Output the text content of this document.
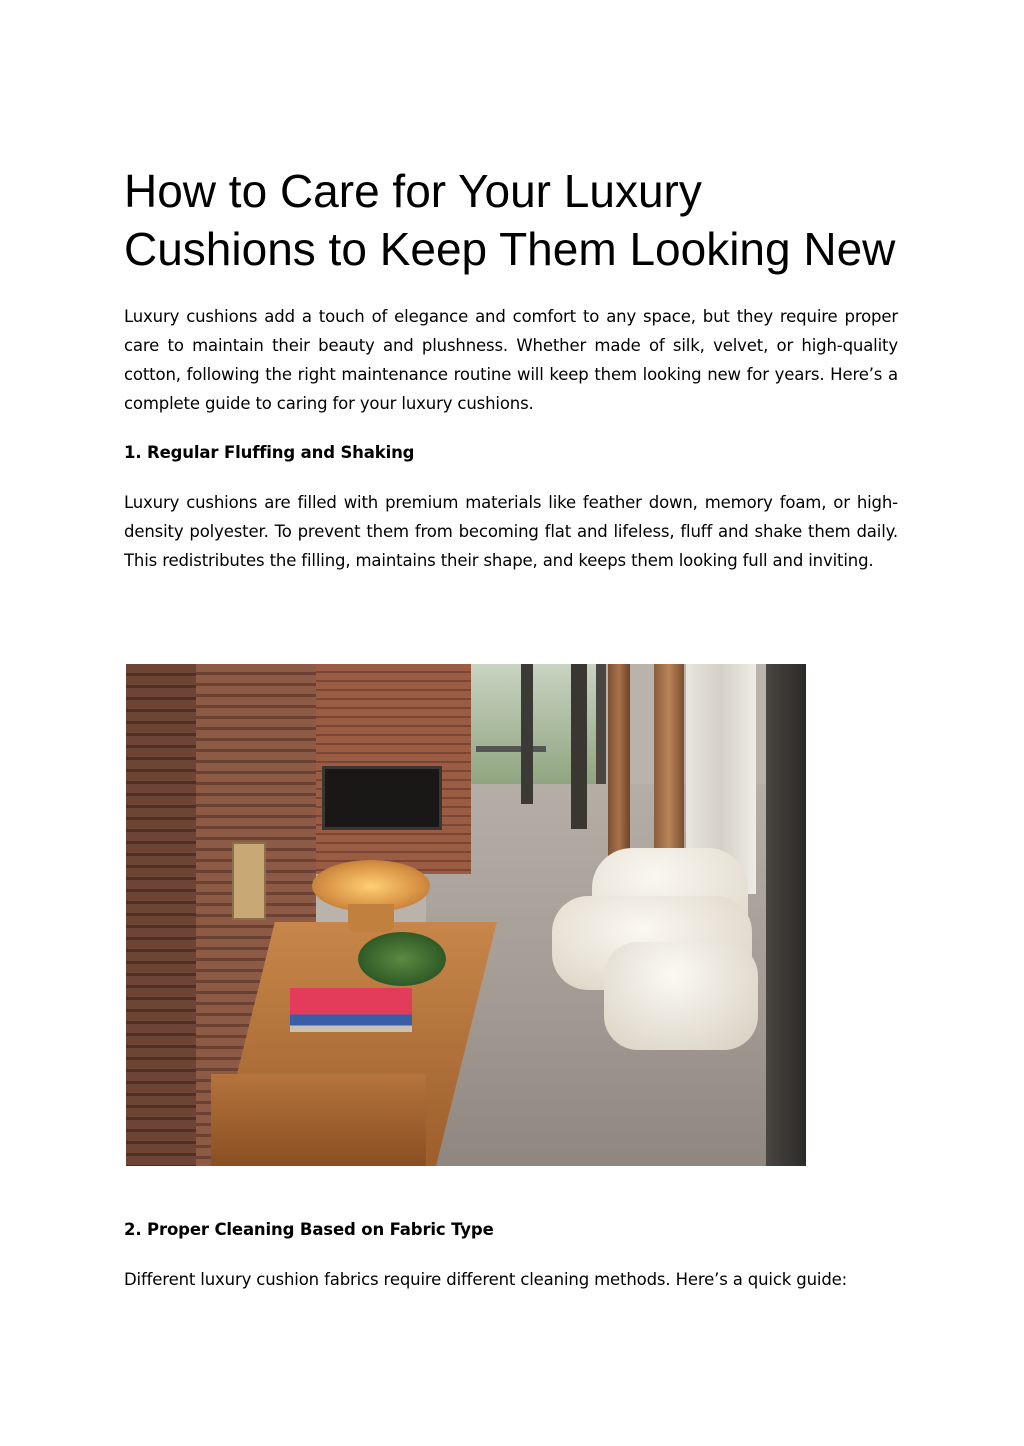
How to Care for Your Luxury Cushions to Keep Them Looking New

Luxury cushions add a touch of elegance and comfort to any space, but they require proper care to maintain their beauty and plushness. Whether made of silk, velvet, or high-quality cotton, following the right maintenance routine will keep them looking new for years. Here’s a complete guide to caring for your luxury cushions.

1. Regular Fluffing and Shaking

Luxury cushions are filled with premium materials like feather down, memory foam, or high-density polyester. To prevent them from becoming flat and lifeless, fluff and shake them daily. This redistributes the filling, maintains their shape, and keeps them looking full and inviting.

2. Proper Cleaning Based on Fabric Type

Different luxury cushion fabrics require different cleaning methods. Here’s a quick guide:
